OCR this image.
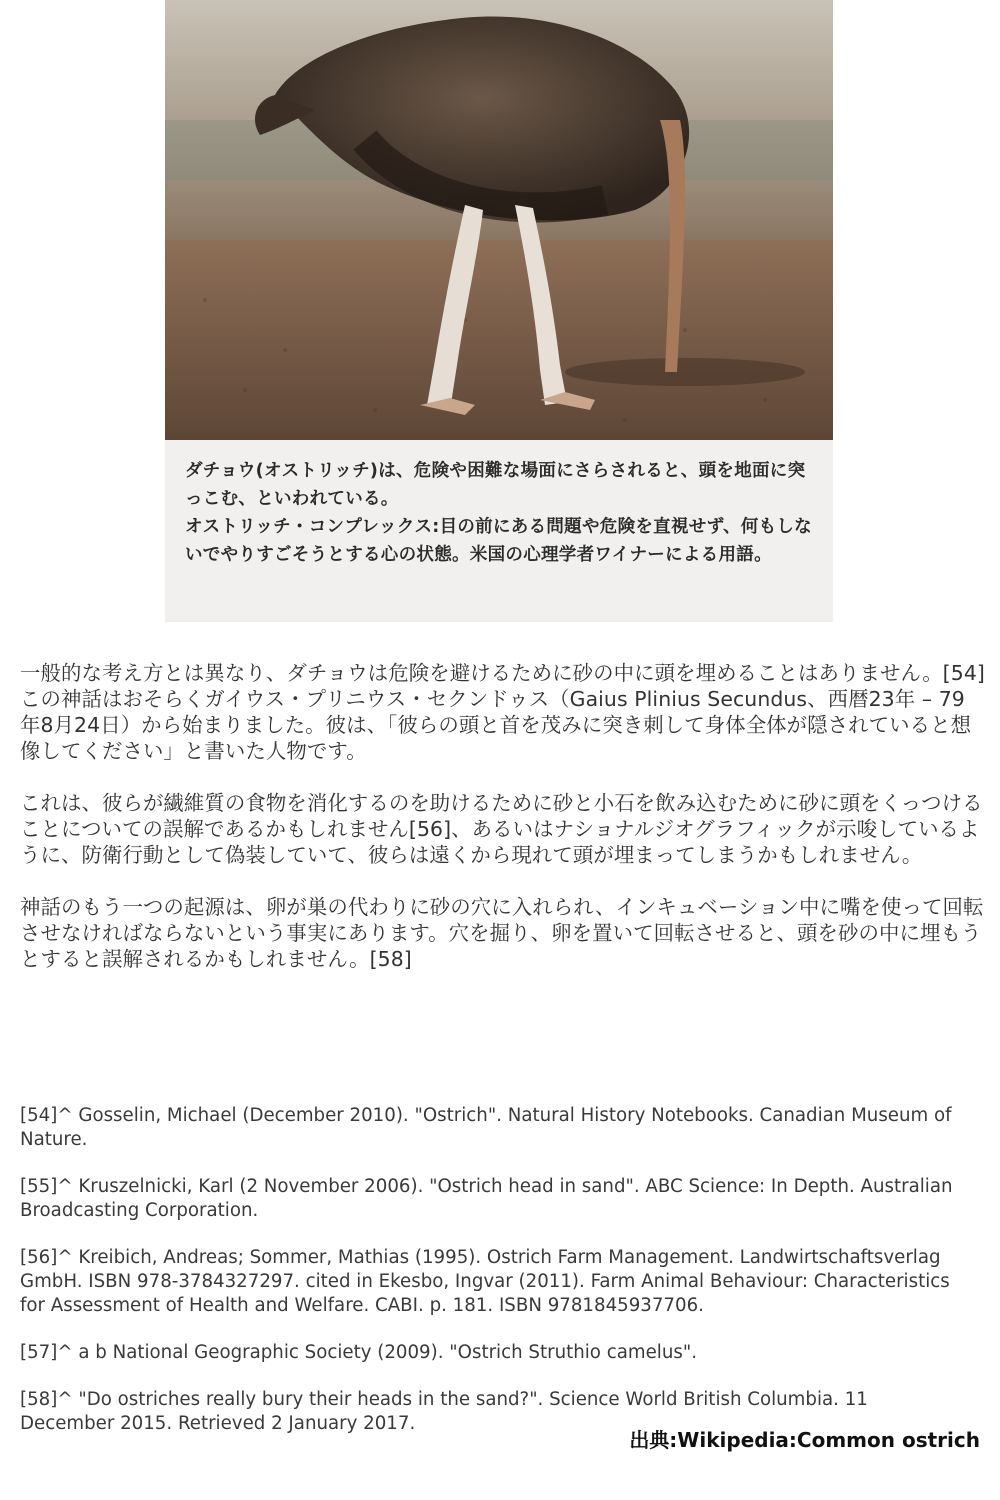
ダチョウ(オストリッチ)は、危険や困難な場面にさらされると、頭を地面に突っこむ、といわれている。

オストリッチ・コンプレックス:目の前にある問題や危険を直視せず、何もしないでやりすごそうとする心の状態。米国の心理学者ワイナーによる用語。

一般的な考え方とは異なり、ダチョウは危険を避けるために砂の中に頭を埋めることはありません。[54]この神話はおそらくガイウス・プリニウス・セクンドゥス（Gaius Plinius Secundus、西暦23年 – 79年8月24日）から始まりました。彼は、「彼らの頭と首を茂みに突き刺して身体全体が隠されていると想像してください」と書いた人物です。

これは、彼らが繊維質の食物を消化するのを助けるために砂と小石を飲み込むために砂に頭をくっつけることについての誤解であるかもしれません[56]、あるいはナショナルジオグラフィックが示唆しているように、防衛行動として偽装していて、彼らは遠くから現れて頭が埋まってしまうかもしれません。

神話のもう一つの起源は、卵が巣の代わりに砂の穴に入れられ、インキュベーション中に嘴を使って回転させなければならないという事実にあります。穴を掘り、卵を置いて回転させると、頭を砂の中に埋もうとすると誤解されるかもしれません。[58]

[54]^ Gosselin, Michael (December 2010). "Ostrich". Natural History Notebooks. Canadian Museum of Nature.

[55]^ Kruszelnicki, Karl (2 November 2006). "Ostrich head in sand". ABC Science: In Depth. Australian Broadcasting Corporation.

[56]^ Kreibich, Andreas; Sommer, Mathias (1995). Ostrich Farm Management. Landwirtschaftsverlag GmbH. ISBN 978-3784327297. cited in Ekesbo, Ingvar (2011). Farm Animal Behaviour: Characteristics for Assessment of Health and Welfare. CABI. p. 181. ISBN 9781845937706.

[57]^ a b National Geographic Society (2009). "Ostrich Struthio camelus".

[58]^ "Do ostriches really bury their heads in the sand?". Science World British Columbia. 11 December 2015. Retrieved 2 January 2017.

出典:Wikipedia:Common ostrich
